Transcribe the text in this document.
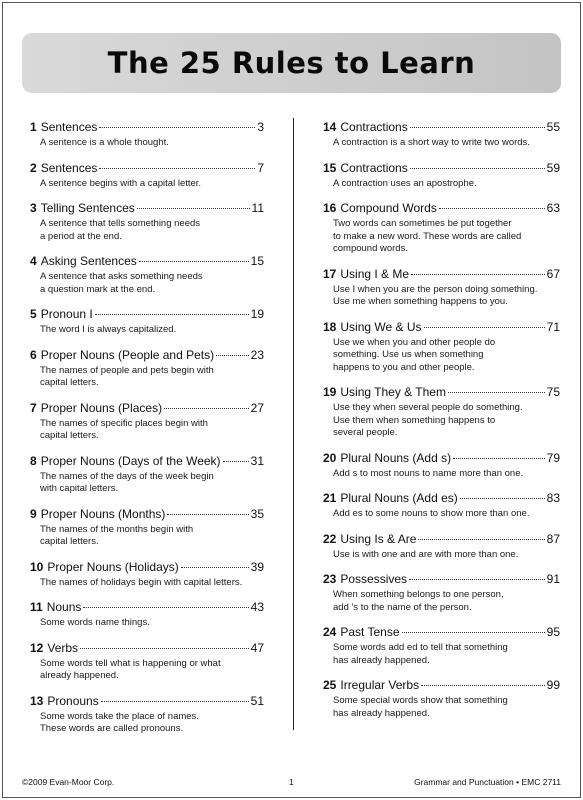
The 25 Rules to Learn
1 Sentences	3
A sentence is a whole thought.
2 Sentences	7
A sentence begins with a capital letter.
3 Telling Sentences	11
A sentence that tells something needs
a period at the end.
4 Asking Sentences	15
A sentence that asks something needs
a question mark at the end.
5 Pronoun I	19
The word I is always capitalized.
6 Proper Nouns (People and Pets)	23
The names of people and pets begin with
capital letters.
7 Proper Nouns (Places)	27
The names of specific places begin with
capital letters.
8 Proper Nouns (Days of the Week)	31
The names of the days of the week begin
with capital letters.
9 Proper Nouns (Months)	35
The names of the months begin with
capital letters.
10 Proper Nouns (Holidays)	39
The names of holidays begin with capital letters.
11 Nouns	43
Some words name things.
12 Verbs	47
Some words tell what is happening or what
already happened.
13 Pronouns	51
Some words take the place of names.
These words are called pronouns.
14 Contractions	55
A contraction is a short way to write two words.
15 Contractions	59
A contraction uses an apostrophe.
16 Compound Words	63
Two words can sometimes be put together
to make a new word. These words are called
compound words.
17 Using I & Me	67
Use I when you are the person doing something.
Use me when something happens to you.
18 Using We & Us	71
Use we when you and other people do
something. Use us when something
happens to you and other people.
19 Using They & Them	75
Use they when several people do something.
Use them when something happens to
several people.
20 Plural Nouns (Add s)	79
Add s to most nouns to name more than one.
21 Plural Nouns (Add es)	83
Add es to some nouns to show more than one.
22 Using Is & Are	87
Use is with one and are with more than one.
23 Possessives	91
When something belongs to one person,
add 's to the name of the person.
24 Past Tense	95
Some words add ed to tell that something
has already happened.
25 Irregular Verbs	99
Some special words show that something
has already happened.
©2009 Evan-Moor Corp.	1	Grammar and Punctuation • EMC 2711
